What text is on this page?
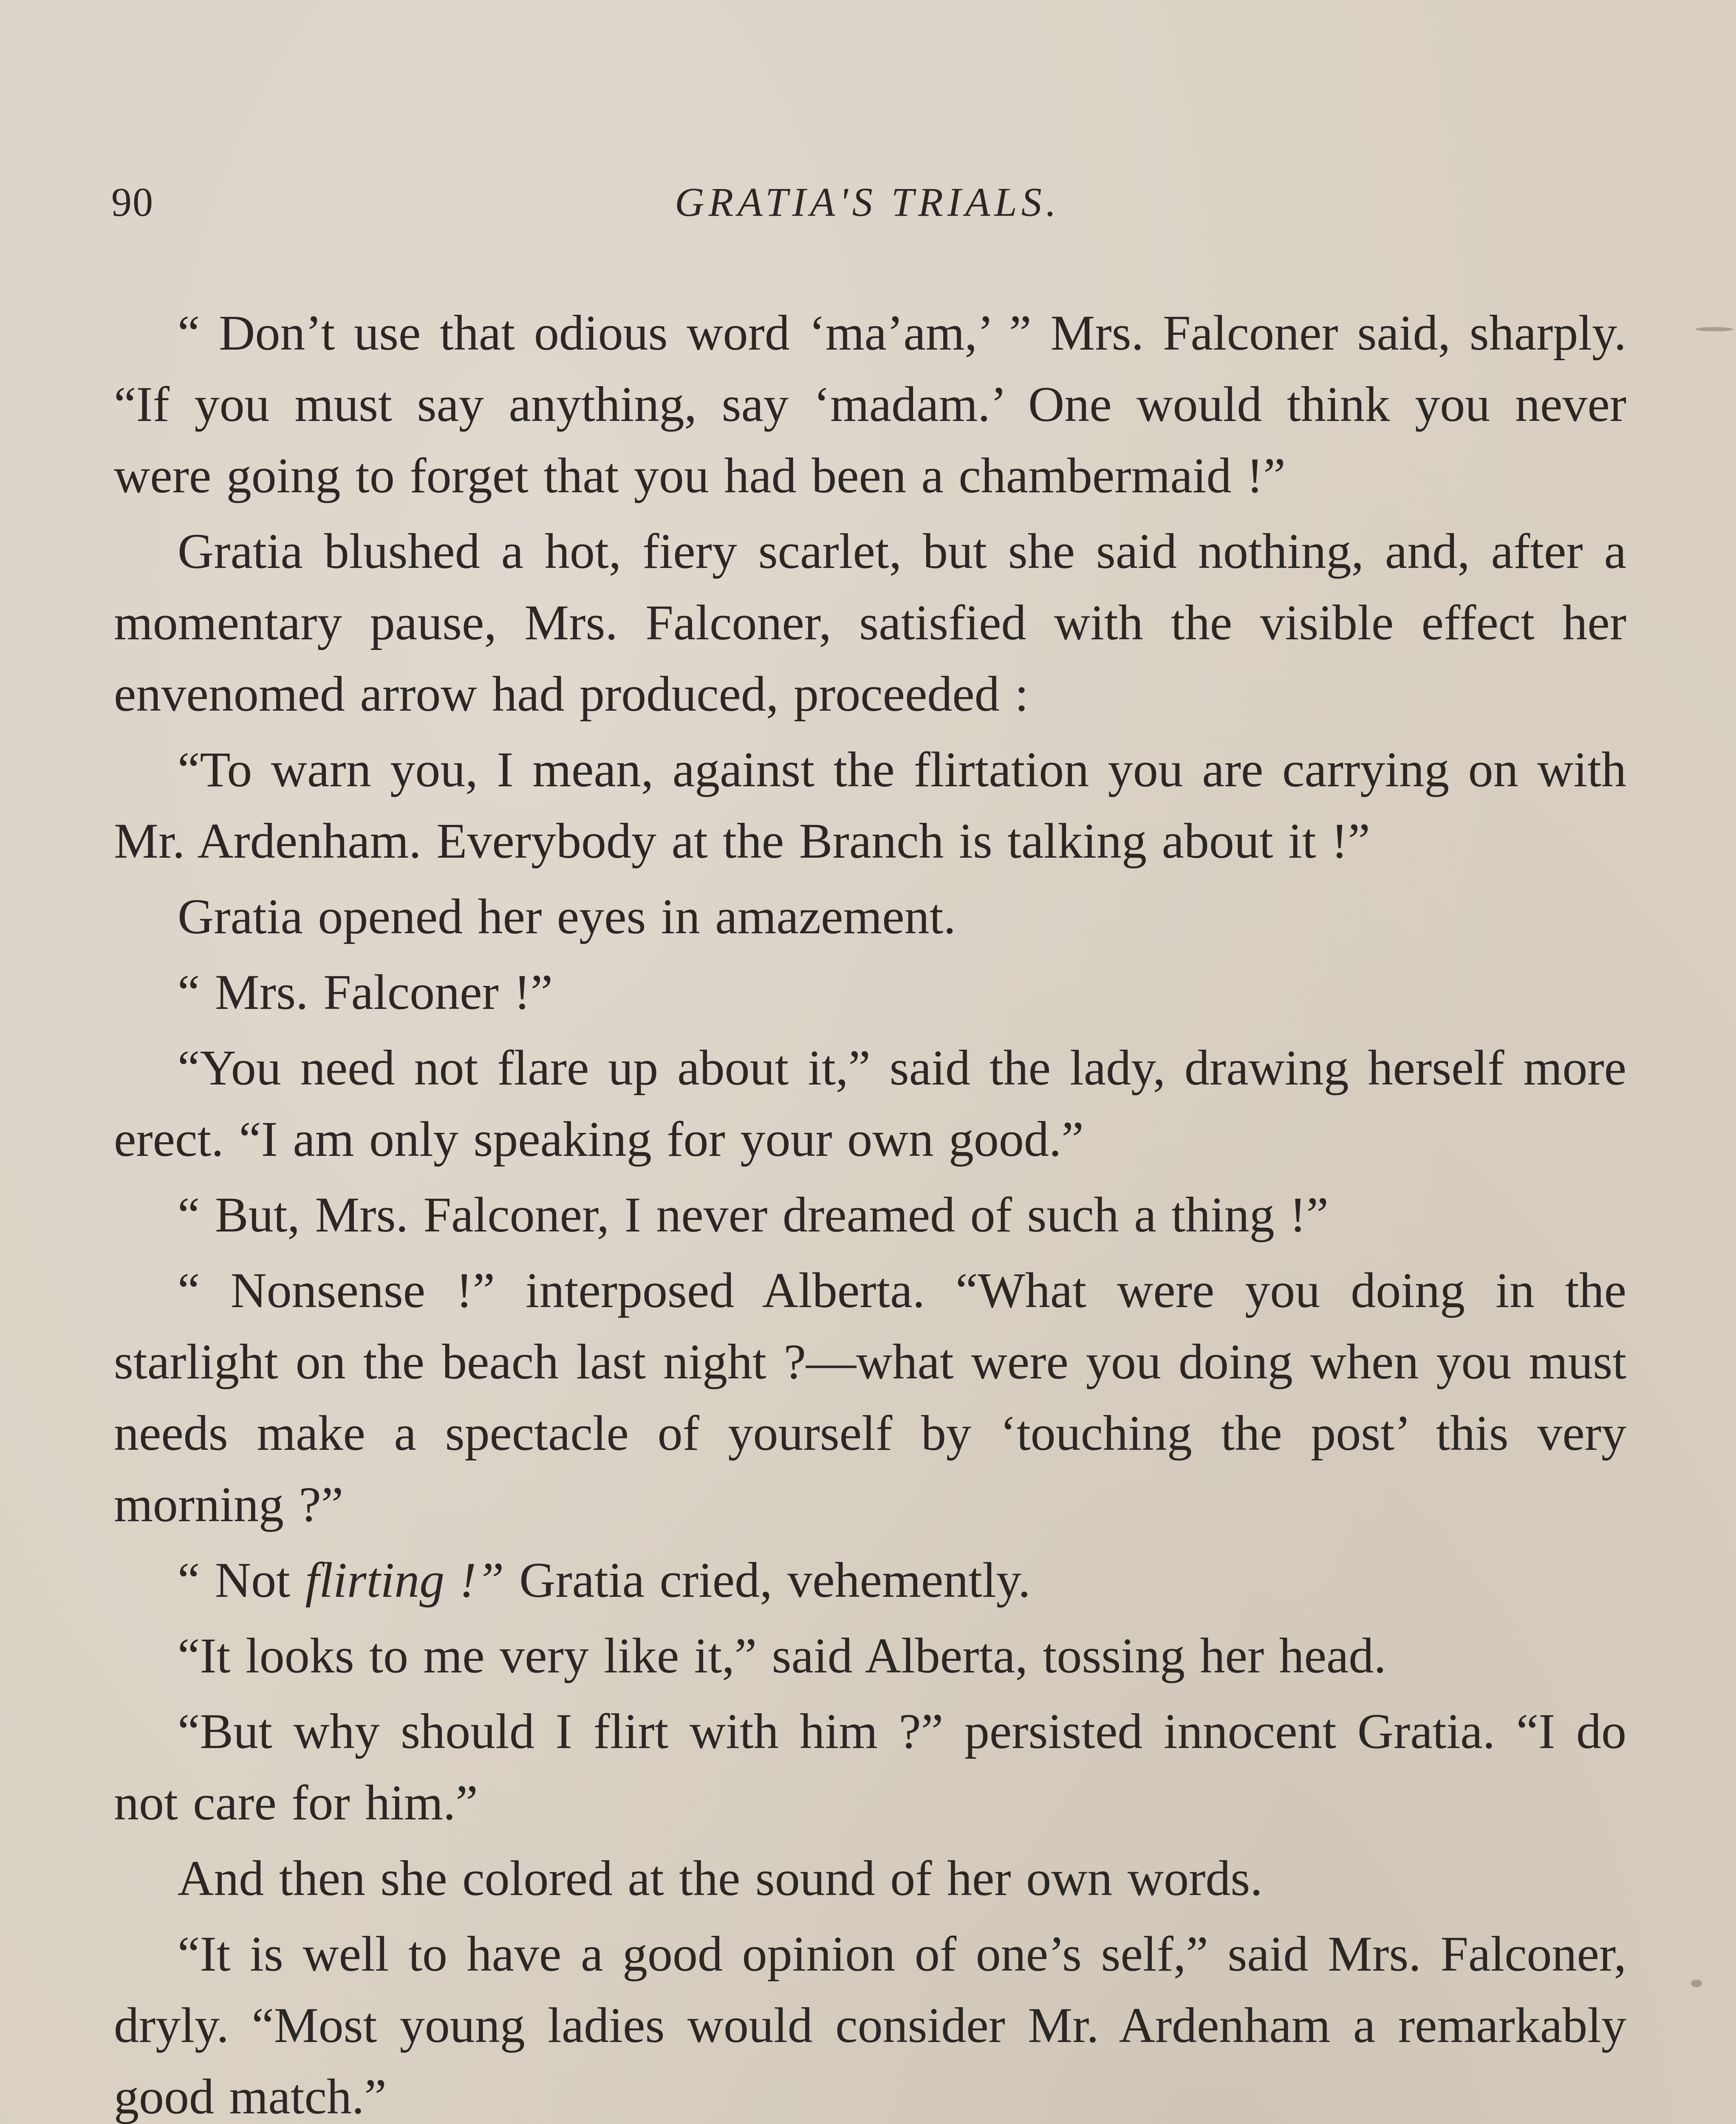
90	GRATIA'S TRIALS.

“ Don’t use that odious word ‘ma’am,’ ” Mrs. Falconer said, sharply. “If you must say anything, say ‘madam.’ One would think you never were going to forget that you had been a chambermaid !”

Gratia blushed a hot, fiery scarlet, but she said nothing, and, after a momentary pause, Mrs. Falconer, satisfied with the visible effect her envenomed arrow had produced, proceeded :

“To warn you, I mean, against the flirtation you are carrying on with Mr. Ardenham. Everybody at the Branch is talking about it !”

Gratia opened her eyes in amazement.

“ Mrs. Falconer !”

“You need not flare up about it,” said the lady, drawing herself more erect. “I am only speaking for your own good.”

“ But, Mrs. Falconer, I never dreamed of such a thing !”

“ Nonsense !” interposed Alberta. “What were you doing in the starlight on the beach last night ?—what were you doing when you must needs make a spectacle of yourself by ‘touching the post’ this very morning ?”

“ Not flirting !” Gratia cried, vehemently.

“It looks to me very like it,” said Alberta, tossing her head.

“But why should I flirt with him ?” persisted innocent Gratia. “I do not care for him.”

And then she colored at the sound of her own words.

“It is well to have a good opinion of one’s self,” said Mrs. Falconer, dryly. “Most young ladies would consider Mr. Ardenham a remarkably good match.”
